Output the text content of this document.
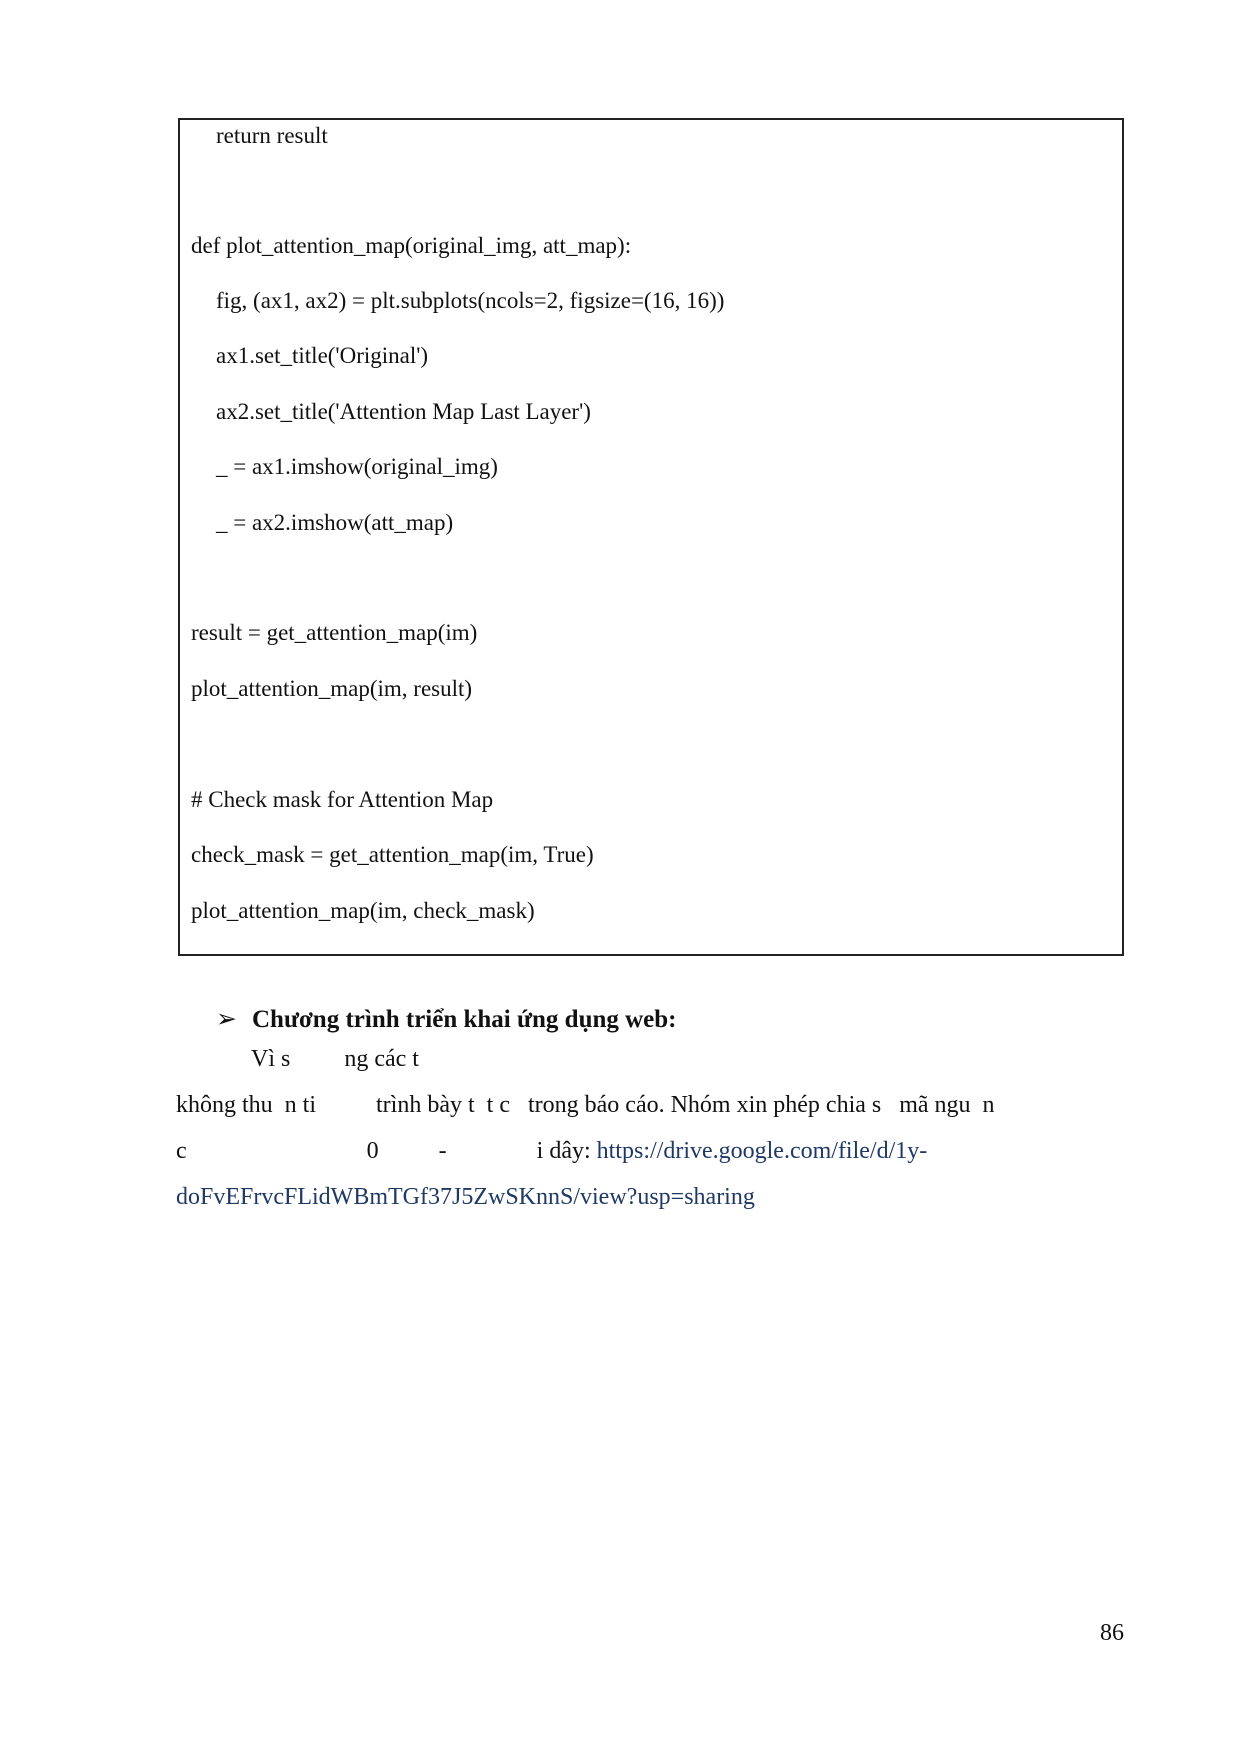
return result
def plot_attention_map(original_img, att_map):
fig, (ax1, ax2) = plt.subplots(ncols=2, figsize=(16, 16))
ax1.set_title('Original')
ax2.set_title('Attention Map Last Layer')
_ = ax1.imshow(original_img)
_ = ax2.imshow(att_map)
result = get_attention_map(im)
plot_attention_map(im, result)
# Check mask for Attention Map
check_mask = get_attention_map(im, True)
plot_attention_map(im, check_mask)
➢ Chương trình triển khai ứng dụng web:
Vì s         ng các t
không thu  n ti          trình bày t  t c   trong báo cáo. Nhóm xin phép chia s   mã ngu  n
c                              0          -               i dây: https://drive.google.com/file/d/1y-
doFvEFrvcFLidWBmTGf37J5ZwSKnnS/view?usp=sharing
86
